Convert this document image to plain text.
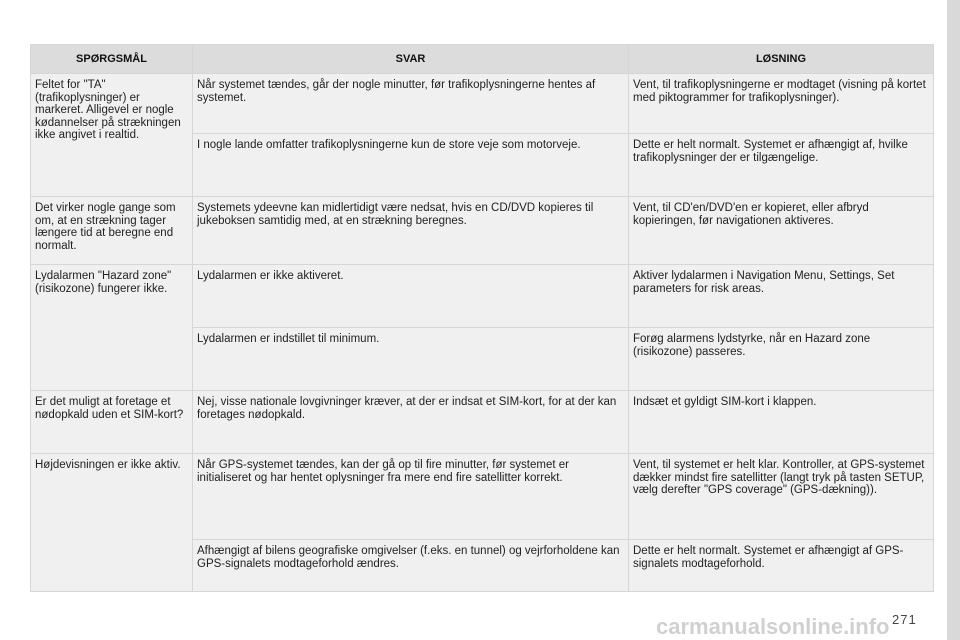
SPØRGSMÅL	SVAR	LØSNING
Feltet for "TA" (trafikoplysninger) er markeret. Alligevel er nogle kødannelser på strækningen ikke angivet i realtid.	Når systemet tændes, går der nogle minutter, før trafikoplysningerne hentes af systemet.	Vent, til trafikoplysningerne er modtaget (visning på kortet med piktogrammer for trafikoplysninger).
	I nogle lande omfatter trafikoplysningerne kun de store veje som motorveje.	Dette er helt normalt. Systemet er afhængigt af, hvilke trafikoplysninger der er tilgængelige.
Det virker nogle gange som om, at en strækning tager længere tid at beregne end normalt.	Systemets ydeevne kan midlertidigt være nedsat, hvis en CD/DVD kopieres til jukeboksen samtidig med, at en strækning beregnes.	Vent, til CD'en/DVD'en er kopieret, eller afbryd kopieringen, før navigationen aktiveres.
Lydalarmen "Hazard zone" (risikozone) fungerer ikke.	Lydalarmen er ikke aktiveret.	Aktiver lydalarmen i Navigation Menu, Settings, Set parameters for risk areas.
	Lydalarmen er indstillet til minimum.	Forøg alarmens lydstyrke, når en Hazard zone (risikozone) passeres.
Er det muligt at foretage et nødopkald uden et SIM-kort?	Nej, visse nationale lovgivninger kræver, at der er indsat et SIM-kort, for at der kan foretages nødopkald.	Indsæt et gyldigt SIM-kort i klappen.
Højdevisningen er ikke aktiv.	Når GPS-systemet tændes, kan der gå op til fire minutter, før systemet er initialiseret og har hentet oplysninger fra mere end fire satellitter korrekt.	Vent, til systemet er helt klar. Kontroller, at GPS-systemet dækker mindst fire satellitter (langt tryk på tasten SETUP, vælg derefter "GPS coverage" (GPS-dækning)).
	Afhængigt af bilens geografiske omgivelser (f.eks. en tunnel) og vejrforholdene kan GPS-signalets modtageforhold ændres.	Dette er helt normalt. Systemet er afhængigt af GPS-signalets modtageforhold.
carmanualsonline.info 271
